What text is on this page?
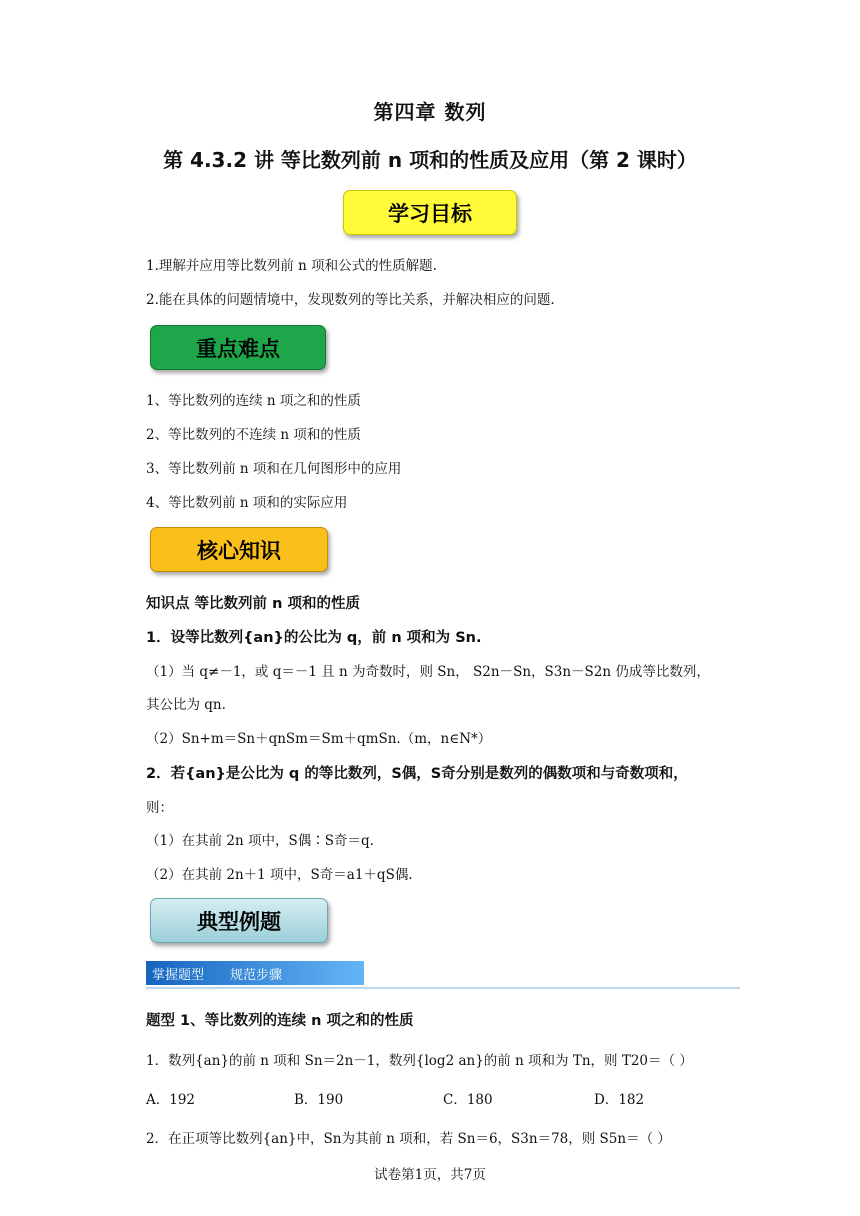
第四章 数列
第 4.3.2 讲 等比数列前 n 项和的性质及应用（第 2 课时）
学习目标
1.理解并应用等比数列前 n 项和公式的性质解题.
2.能在具体的问题情境中，发现数列的等比关系，并解决相应的问题.
重点难点
1、等比数列的连续 n 项之和的性质
2、等比数列的不连续 n 项和的性质
3、等比数列前 n 项和在几何图形中的应用
4、等比数列前 n 项和的实际应用
核心知识
知识点 等比数列前 n 项和的性质
1．设等比数列{an}的公比为 q，前 n 项和为 Sn.
（1）当 q≠－1，或 q＝－1 且 n 为奇数时，则 Sn， S2n－Sn，S3n－S2n 仍成等比数列，
其公比为 qn.
（2）Sn+m＝Sn＋qnSm＝Sm＋qmSn.（m，n∈N*）
2．若{an}是公比为 q 的等比数列，S偶，S奇分别是数列的偶数项和与奇数项和，
则：
（1）在其前 2n 项中，S偶∶S奇＝q.
（2）在其前 2n＋1 项中，S奇＝a1＋qS偶.
典型例题
掌握题型 规范步骤
题型 1、等比数列的连续 n 项之和的性质
1．数列{an}的前 n 项和 Sn＝2n－1，数列{log2 an}的前 n 项和为 Tn，则 T20＝（ ）
A．192	B．190	C．180	D．182
2．在正项等比数列{an}中，Sn为其前 n 项和，若 Sn＝6，S3n＝78，则 S5n＝（ ）
试卷第1页，共7页
